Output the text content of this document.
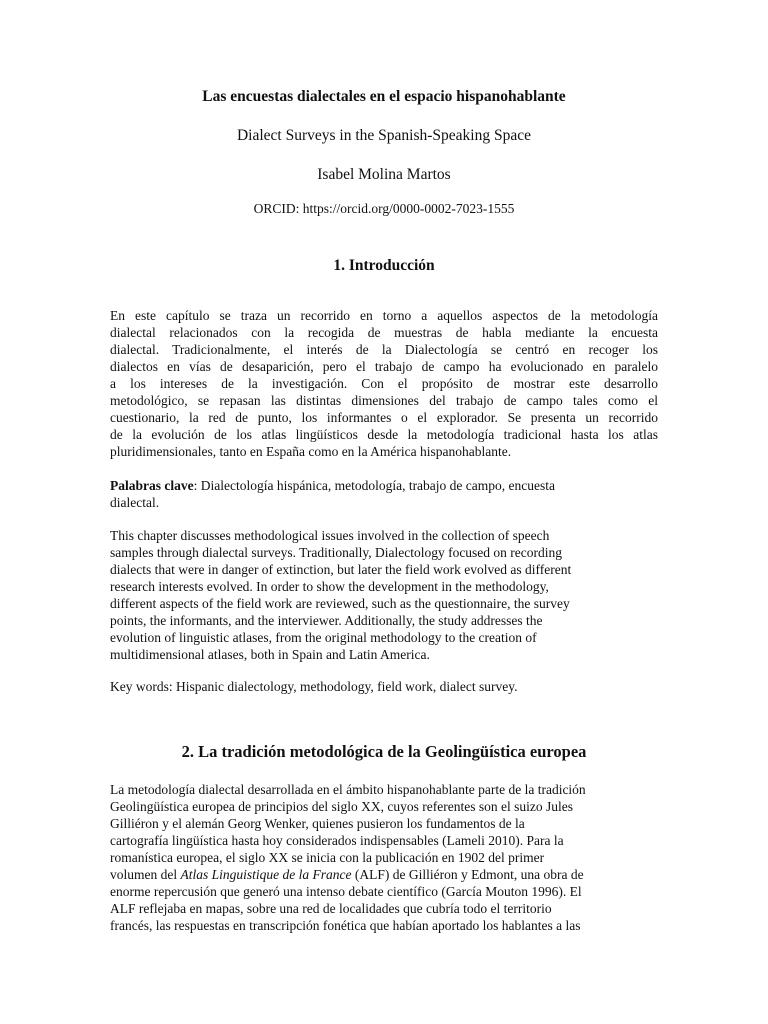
Las encuestas dialectales en el espacio hispanohablante
Dialect Surveys in the Spanish-Speaking Space
Isabel Molina Martos
ORCID: https://orcid.org/0000-0002-7023-1555
1. Introducción
En este capítulo se traza un recorrido en torno a aquellos aspectos de la metodología
dialectal relacionados con la recogida de muestras de habla mediante la encuesta
dialectal. Tradicionalmente, el interés de la Dialectología se centró en recoger los
dialectos en vías de desaparición, pero el trabajo de campo ha evolucionado en paralelo
a los intereses de la investigación. Con el propósito de mostrar este desarrollo
metodológico, se repasan las distintas dimensiones del trabajo de campo tales como el
cuestionario, la red de punto, los informantes o el explorador. Se presenta un recorrido
de la evolución de los atlas lingüísticos desde la metodología tradicional hasta los atlas
pluridimensionales, tanto en España como en la América hispanohablante.
Palabras clave: Dialectología hispánica, metodología, trabajo de campo, encuesta
dialectal.
This chapter discusses methodological issues involved in the collection of speech
samples through dialectal surveys. Traditionally, Dialectology focused on recording
dialects that were in danger of extinction, but later the field work evolved as different
research interests evolved. In order to show the development in the methodology,
different aspects of the field work are reviewed, such as the questionnaire, the survey
points, the informants, and the interviewer. Additionally, the study addresses the
evolution of linguistic atlases, from the original methodology to the creation of
multidimensional atlases, both in Spain and Latin America.
Key words: Hispanic dialectology, methodology, field work, dialect survey.
2. La tradición metodológica de la Geolingüística europea
La metodología dialectal desarrollada en el ámbito hispanohablante parte de la tradición
Geolingüística europea de principios del siglo XX, cuyos referentes son el suizo Jules
Gilliéron y el alemán Georg Wenker, quienes pusieron los fundamentos de la
cartografía lingüística hasta hoy considerados indispensables (Lameli 2010). Para la
romanística europea, el siglo XX se inicia con la publicación en 1902 del primer
volumen del Atlas Linguistique de la France (ALF) de Gilliéron y Edmont, una obra de
enorme repercusión que generó una intenso debate científico (García Mouton 1996). El
ALF reflejaba en mapas, sobre una red de localidades que cubría todo el territorio
francés, las respuestas en transcripción fonética que habían aportado los hablantes a las
